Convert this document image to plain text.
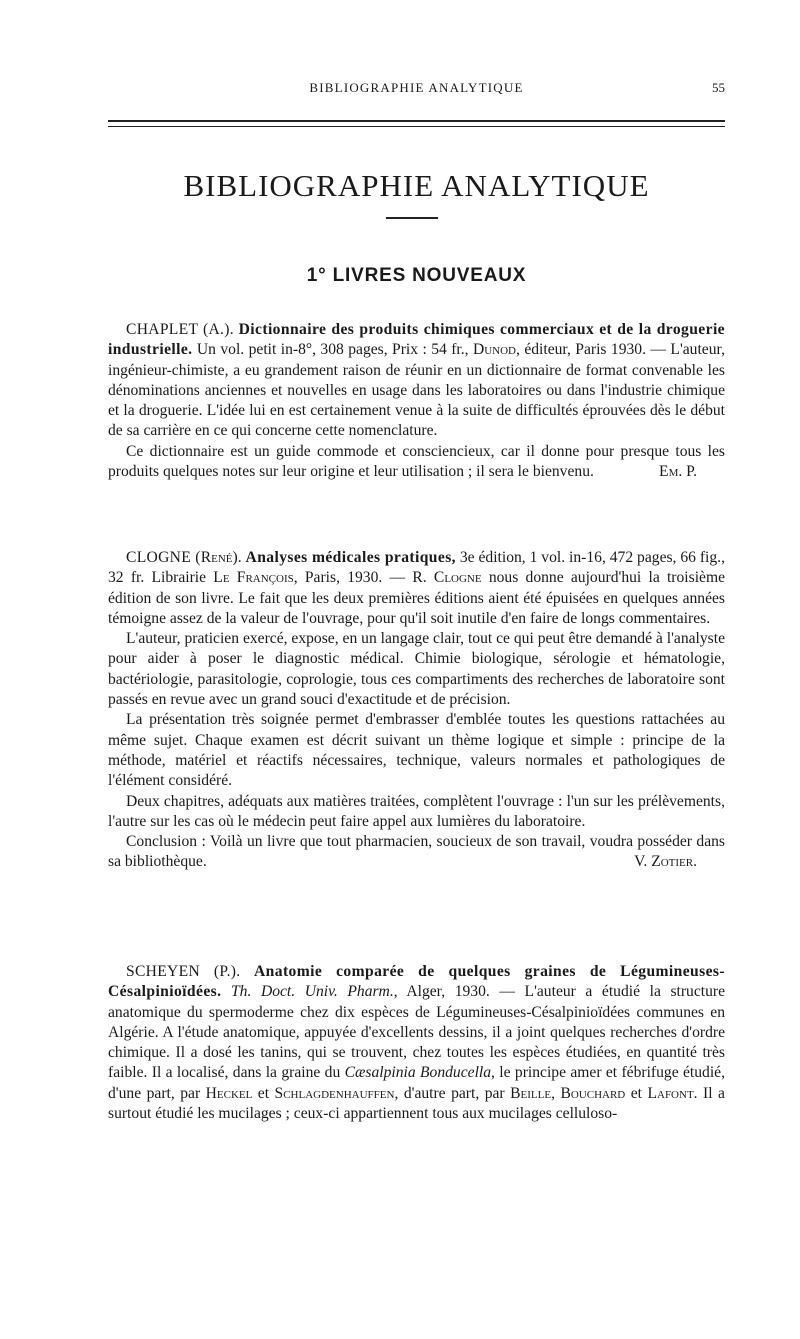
BIBLIOGRAPHIE ANALYTIQUE	55
BIBLIOGRAPHIE ANALYTIQUE
1° LIVRES NOUVEAUX

CHAPLET (A.). Dictionnaire des produits chimiques commerciaux et de la droguerie industrielle. Un vol. petit in-8°, 308 pages, Prix : 54 fr., Dunod, éditeur, Paris 1930. — L'auteur, ingénieur-chimiste, a eu grandement raison de réunir en un dictionnaire de format convenable les dénominations anciennes et nouvelles en usage dans les laboratoires ou dans l'industrie chimique et la droguerie. L'idée lui en est certainement venue à la suite de difficultés éprouvées dès le début de sa carrière en ce qui concerne cette nomenclature.

Ce dictionnaire est un guide commode et consciencieux, car il donne pour presque tous les produits quelques notes sur leur origine et leur utilisation ; il sera le bienvenu.	Em. P.

CLOGNE (René). Analyses médicales pratiques, 3e édition, 1 vol. in-16, 472 pages, 66 fig., 32 fr. Librairie Le François, Paris, 1930. — R. Clogne nous donne aujourd'hui la troisième édition de son livre. Le fait que les deux premières éditions aient été épuisées en quelques années témoigne assez de la valeur de l'ouvrage, pour qu'il soit inutile d'en faire de longs commentaires.

L'auteur, praticien exercé, expose, en un langage clair, tout ce qui peut être demandé à l'analyste pour aider à poser le diagnostic médical. Chimie biologique, sérologie et hématologie, bactériologie, parasitologie, coprologie, tous ces compartiments des recherches de laboratoire sont passés en revue avec un grand souci d'exactitude et de précision.

La présentation très soignée permet d'embrasser d'emblée toutes les questions rattachées au même sujet. Chaque examen est décrit suivant un thème logique et simple : principe de la méthode, matériel et réactifs nécessaires, technique, valeurs normales et pathologiques de l'élément considéré.

Deux chapitres, adéquats aux matières traitées, complètent l'ouvrage : l'un sur les prélèvements, l'autre sur les cas où le médecin peut faire appel aux lumières du laboratoire.

Conclusion : Voilà un livre que tout pharmacien, soucieux de son travail, voudra posséder dans sa bibliothèque.	V. Zotier.

SCHEYEN (P.). Anatomie comparée de quelques graines de Légumineuses-Césalpinioïdées. Th. Doct. Univ. Pharm., Alger, 1930. — L'auteur a étudié la structure anatomique du spermoderme chez dix espèces de Légumineuses-Césalpinioïdées communes en Algérie. A l'étude anatomique, appuyée d'excellents dessins, il a joint quelques recherches d'ordre chimique. Il a dosé les tanins, qui se trouvent, chez toutes les espèces étudiées, en quantité très faible. Il a localisé, dans la graine du Cæsalpinia Bonducella, le principe amer et fébrifuge étudié, d'une part, par Heckel et Schlagdenhauffen, d'autre part, par Beille, Bouchard et Lafont. Il a surtout étudié les mucilages ; ceux-ci appartiennent tous aux mucilages celluloso-
